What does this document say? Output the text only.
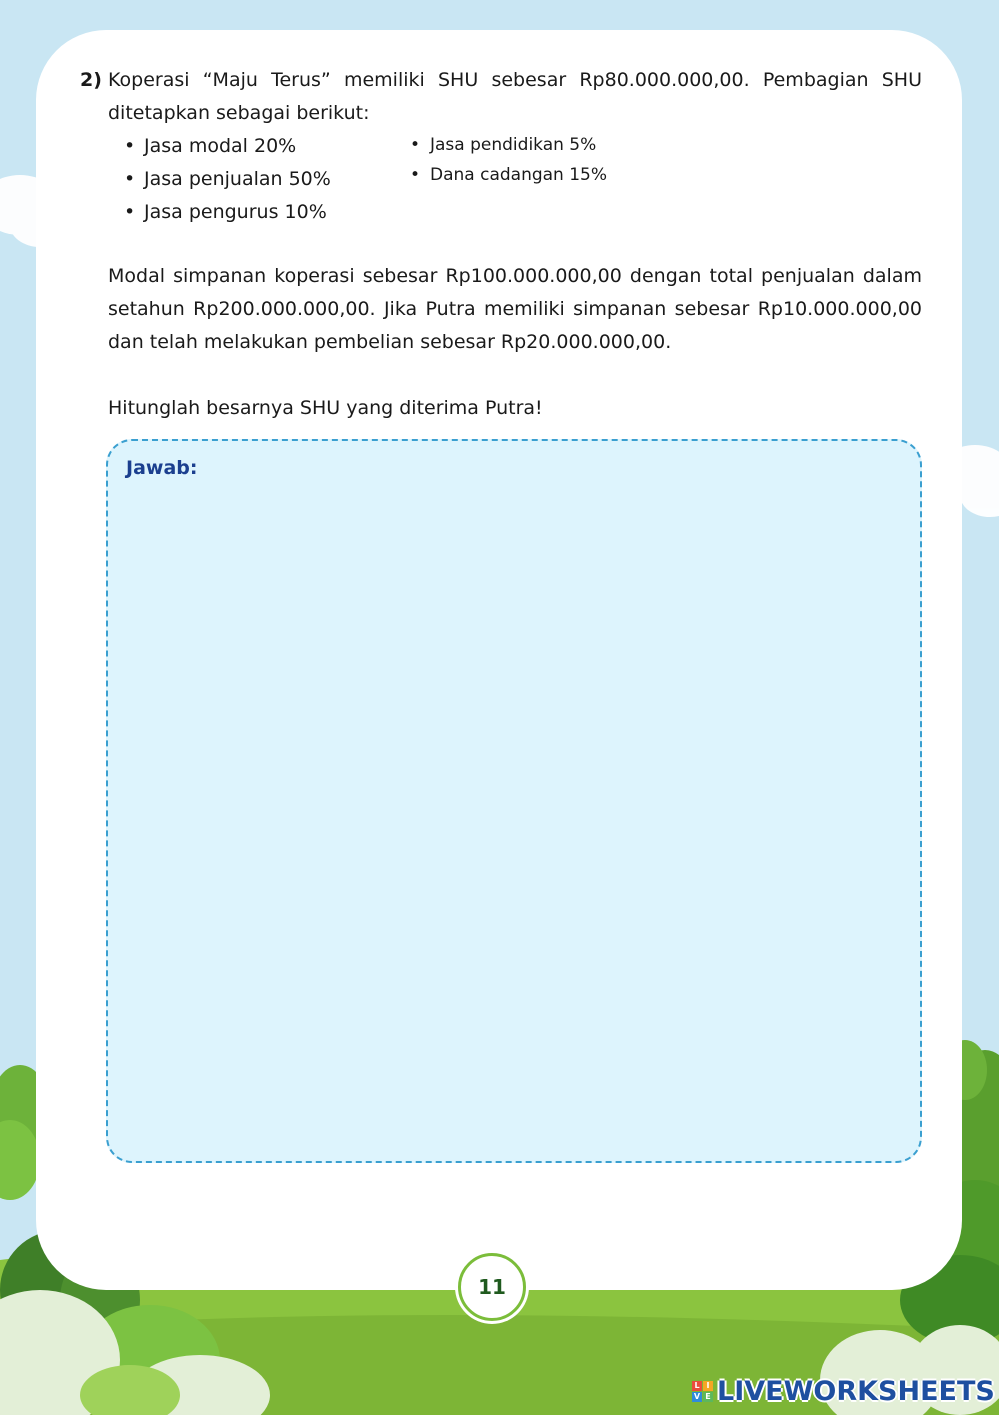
2) Koperasi “Maju Terus” memiliki SHU sebesar Rp80.000.000,00. Pembagian SHU ditetapkan sebagai berikut:
• Jasa modal 20%
• Jasa penjualan 50%
• Jasa pengurus 10%
• Jasa pendidikan 5%
• Dana cadangan 15%
Modal simpanan koperasi sebesar Rp100.000.000,00 dengan total penjualan dalam setahun Rp200.000.000,00. Jika Putra memiliki simpanan sebesar Rp10.000.000,00 dan telah melakukan pembelian sebesar Rp20.000.000,00.
Hitunglah besarnya SHU yang diterima Putra!
Jawab:
11
L I
V E LIVEWORKSHEETS
